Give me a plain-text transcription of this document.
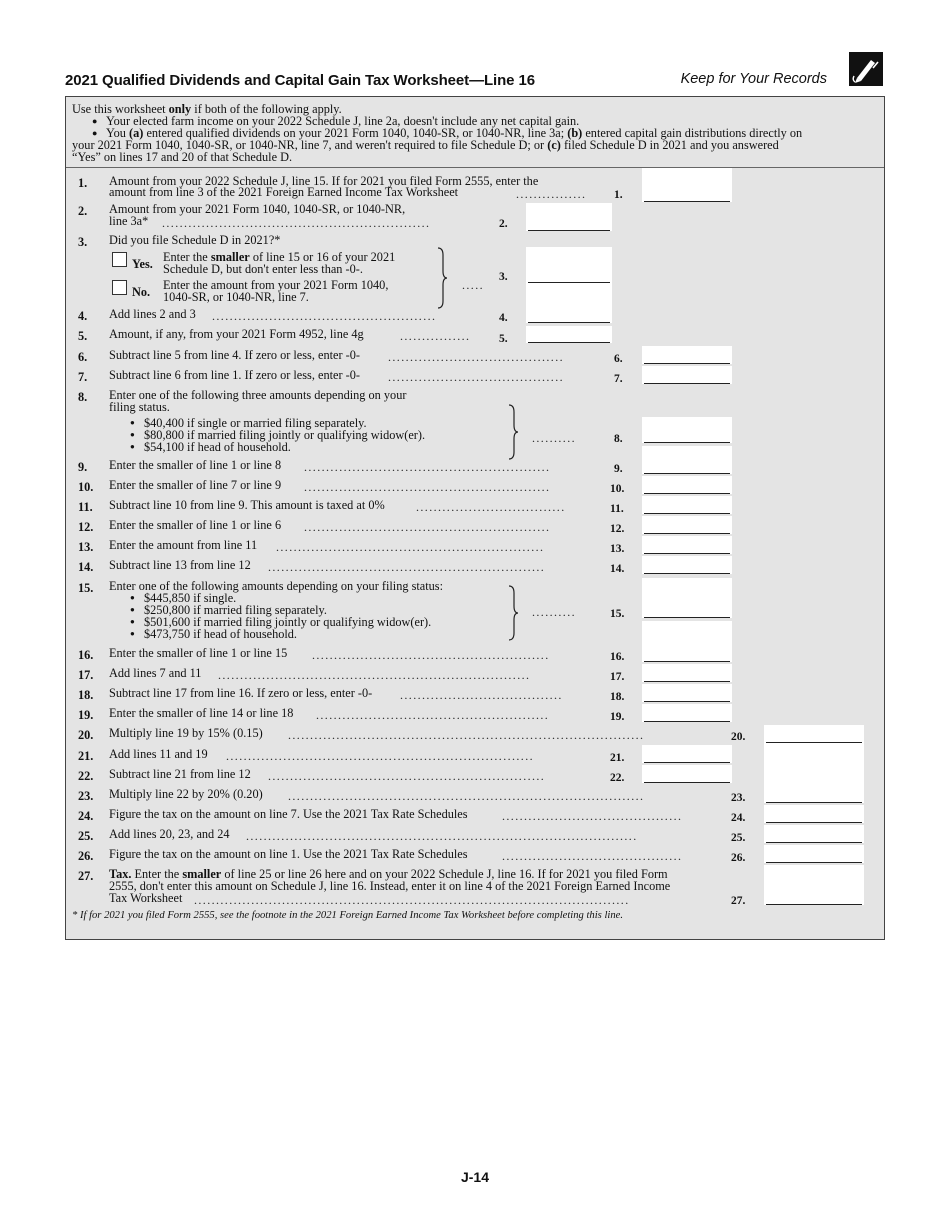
2021 Qualified Dividends and Capital Gain Tax Worksheet—Line 16	Keep for Your Records
Use this worksheet only if both of the following apply.
● Your elected farm income on your 2022 Schedule J, line 2a, doesn't include any net capital gain.
● You (a) entered qualified dividends on your 2021 Form 1040, 1040-SR, or 1040-NR, line 3a; (b) entered capital gain distributions directly on
your 2021 Form 1040, 1040-SR, or 1040-NR, line 7, and weren't required to file Schedule D; or (c) filed Schedule D in 2021 and you answered
“Yes” on lines 17 and 20 of that Schedule D.
1. Amount from your 2022 Schedule J, line 15. If for 2021 you filed Form 2555, enter the
amount from line 3 of the 2021 Foreign Earned Income Tax Worksheet	................	1.
2. Amount from your 2021 Form 1040, 1040-SR, or 1040-NR,
line 3a* .............................................................	2.
3. Did you file Schedule D in 2021?*
Yes. Enter the smaller of line 15 or 16 of your 2021
Schedule D, but don't enter less than -0-.
No. Enter the amount from your 2021 Form 1040,
1040-SR, or 1040-NR, line 7.
.....
3.
4. Add lines 2 and 3 ...................................................	4.
5. Amount, if any, from your 2021 Form 4952, line 4g	................	5.
6. Subtract line 5 from line 4. If zero or less, enter -0- ........................................	6.
7. Subtract line 6 from line 1. If zero or less, enter -0- ........................................	7.
8. Enter one of the following three amounts depending on your
filing status.
● $40,400 if single or married filing separately.
● $80,800 if married filing jointly or qualifying widow(er).
● $54,100 if head of household.
..........	8.
9. Enter the smaller of line 1 or line 8 ........................................................	9.
10. Enter the smaller of line 7 or line 9 ........................................................	10.
11. Subtract line 10 from line 9. This amount is taxed at 0%	..................................	11.
12. Enter the smaller of line 1 or line 6 ........................................................	12.
13. Enter the amount from line 11 .............................................................	13.
14. Subtract line 13 from line 12 ...............................................................	14.
15. Enter one of the following amounts depending on your filing status:
● $445,850 if single.
● $250,800 if married filing separately.
● $501,600 if married filing jointly or qualifying widow(er).
● $473,750 if head of household.
..........	15.
16. Enter the smaller of line 1 or line 15 ......................................................	16.
17. Add lines 7 and 11 .......................................................................	17.
18. Subtract line 17 from line 16. If zero or less, enter -0- .....................................	18.
19. Enter the smaller of line 14 or line 18 .....................................................	19.
20. Multiply line 19 by 15% (0.15) .................................................................................	20.
21. Add lines 11 and 19 ......................................................................	21.
22. Subtract line 21 from line 12 ...............................................................	22.
23. Multiply line 22 by 20% (0.20) .................................................................................	23.
24. Figure the tax on the amount on line 7. Use the 2021 Tax Rate Schedules	.........................................	24.
25. Add lines 20, 23, and 24 .........................................................................................	25.
26. Figure the tax on the amount on line 1. Use the 2021 Tax Rate Schedules	.........................................	26.
27. Tax. Enter the smaller of line 25 or line 26 here and on your 2022 Schedule J, line 16. If for 2021 you filed Form
2555, don't enter this amount on Schedule J, line 16. Instead, enter it on line 4 of the 2021 Foreign Earned Income
Tax Worksheet ...................................................................................................	27.
* If for 2021 you filed Form 2555, see the footnote in the 2021 Foreign Earned Income Tax Worksheet before completing this line.
J-14
